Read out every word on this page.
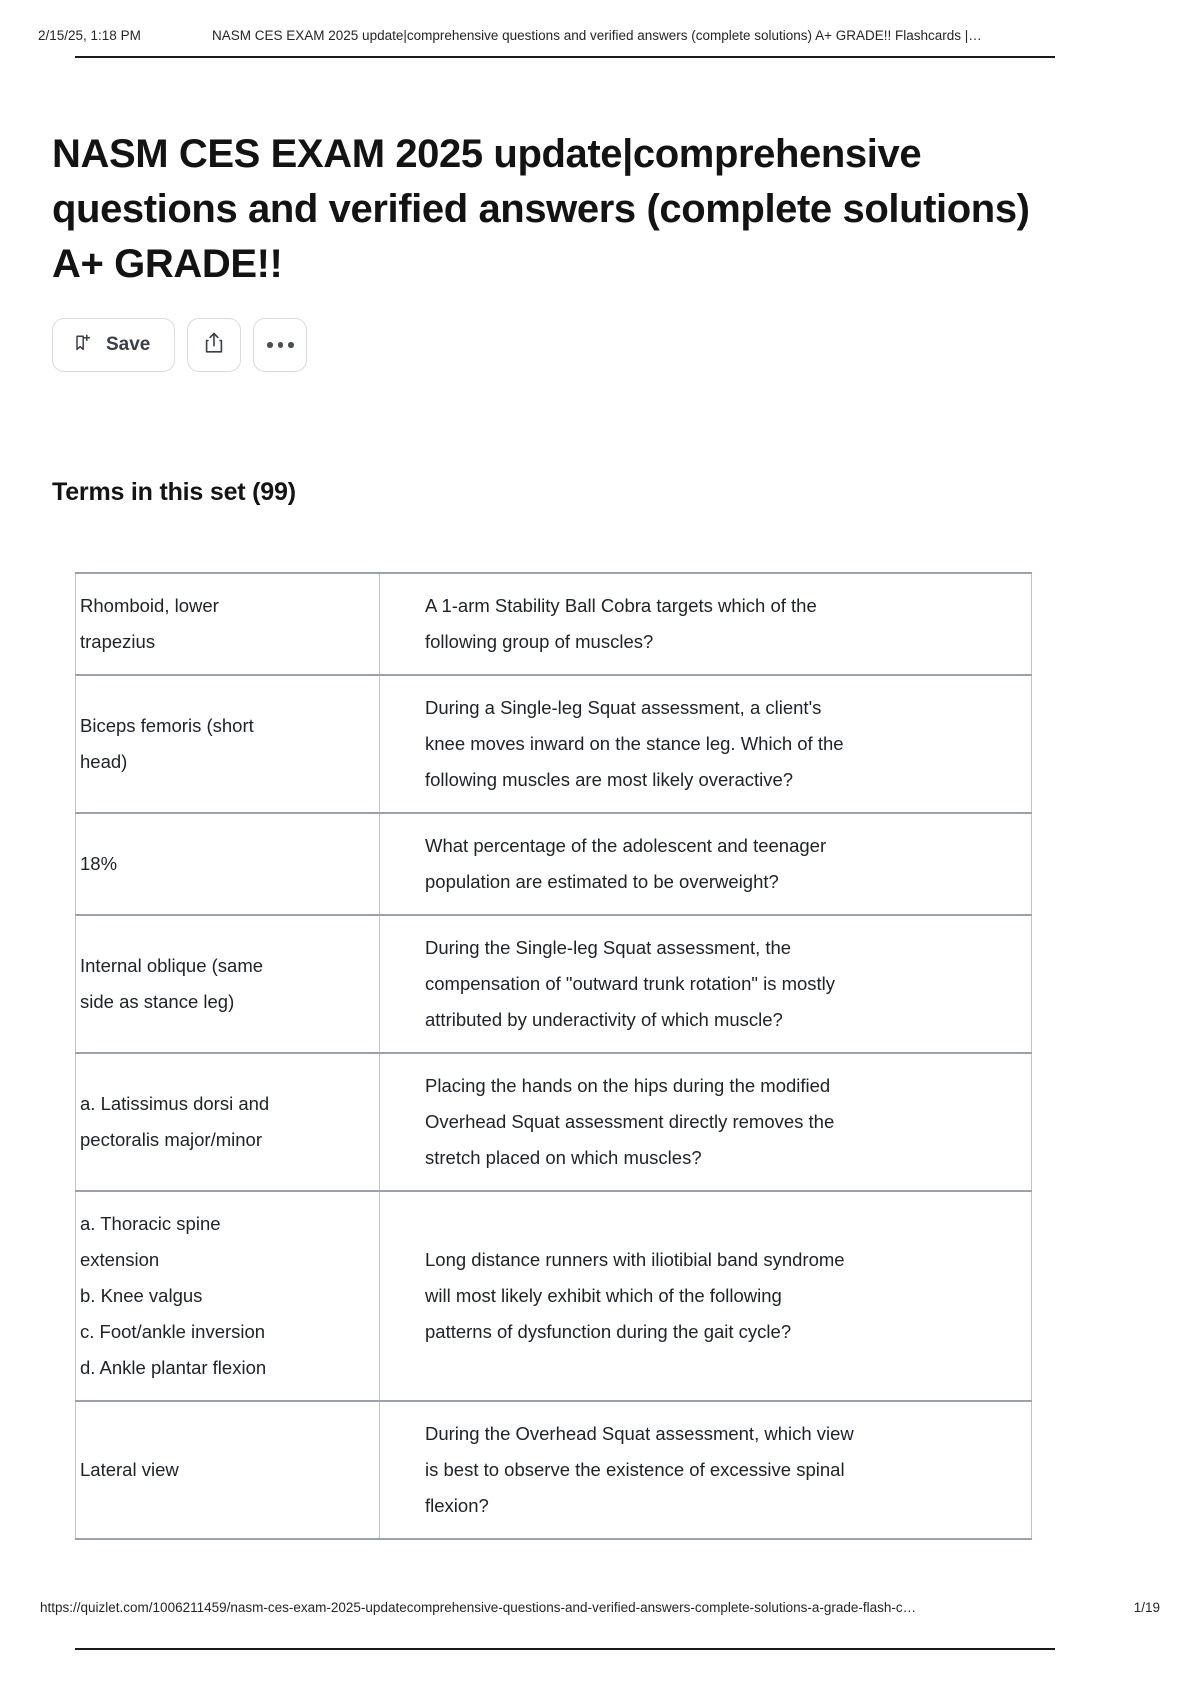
2/15/25, 1:18 PM	NASM CES EXAM 2025 update|comprehensive questions and verified answers (complete solutions) A+ GRADE!! Flashcards |…
NASM CES EXAM 2025 update|comprehensive questions and verified answers (complete solutions) A+ GRADE!!
Save
Terms in this set (99)
Rhomboid, lower
trapezius	A 1-arm Stability Ball Cobra targets which of the
following group of muscles?

Biceps femoris (short
head)	During a Single-leg Squat assessment, a client's
knee moves inward on the stance leg. Which of the
following muscles are most likely overactive?

18%	What percentage of the adolescent and teenager
population are estimated to be overweight?

Internal oblique (same
side as stance leg)	During the Single-leg Squat assessment, the
compensation of "outward trunk rotation" is mostly
attributed by underactivity of which muscle?

a. Latissimus dorsi and
pectoralis major/minor	Placing the hands on the hips during the modified
Overhead Squat assessment directly removes the
stretch placed on which muscles?

a. Thoracic spine
extension
b. Knee valgus
c. Foot/ankle inversion
d. Ankle plantar flexion	Long distance runners with iliotibial band syndrome
will most likely exhibit which of the following
patterns of dysfunction during the gait cycle?

Lateral view	During the Overhead Squat assessment, which view
is best to observe the existence of excessive spinal
flexion?
https://quizlet.com/1006211459/nasm-ces-exam-2025-updatecomprehensive-questions-and-verified-answers-complete-solutions-a-grade-flash-c…	1/19
